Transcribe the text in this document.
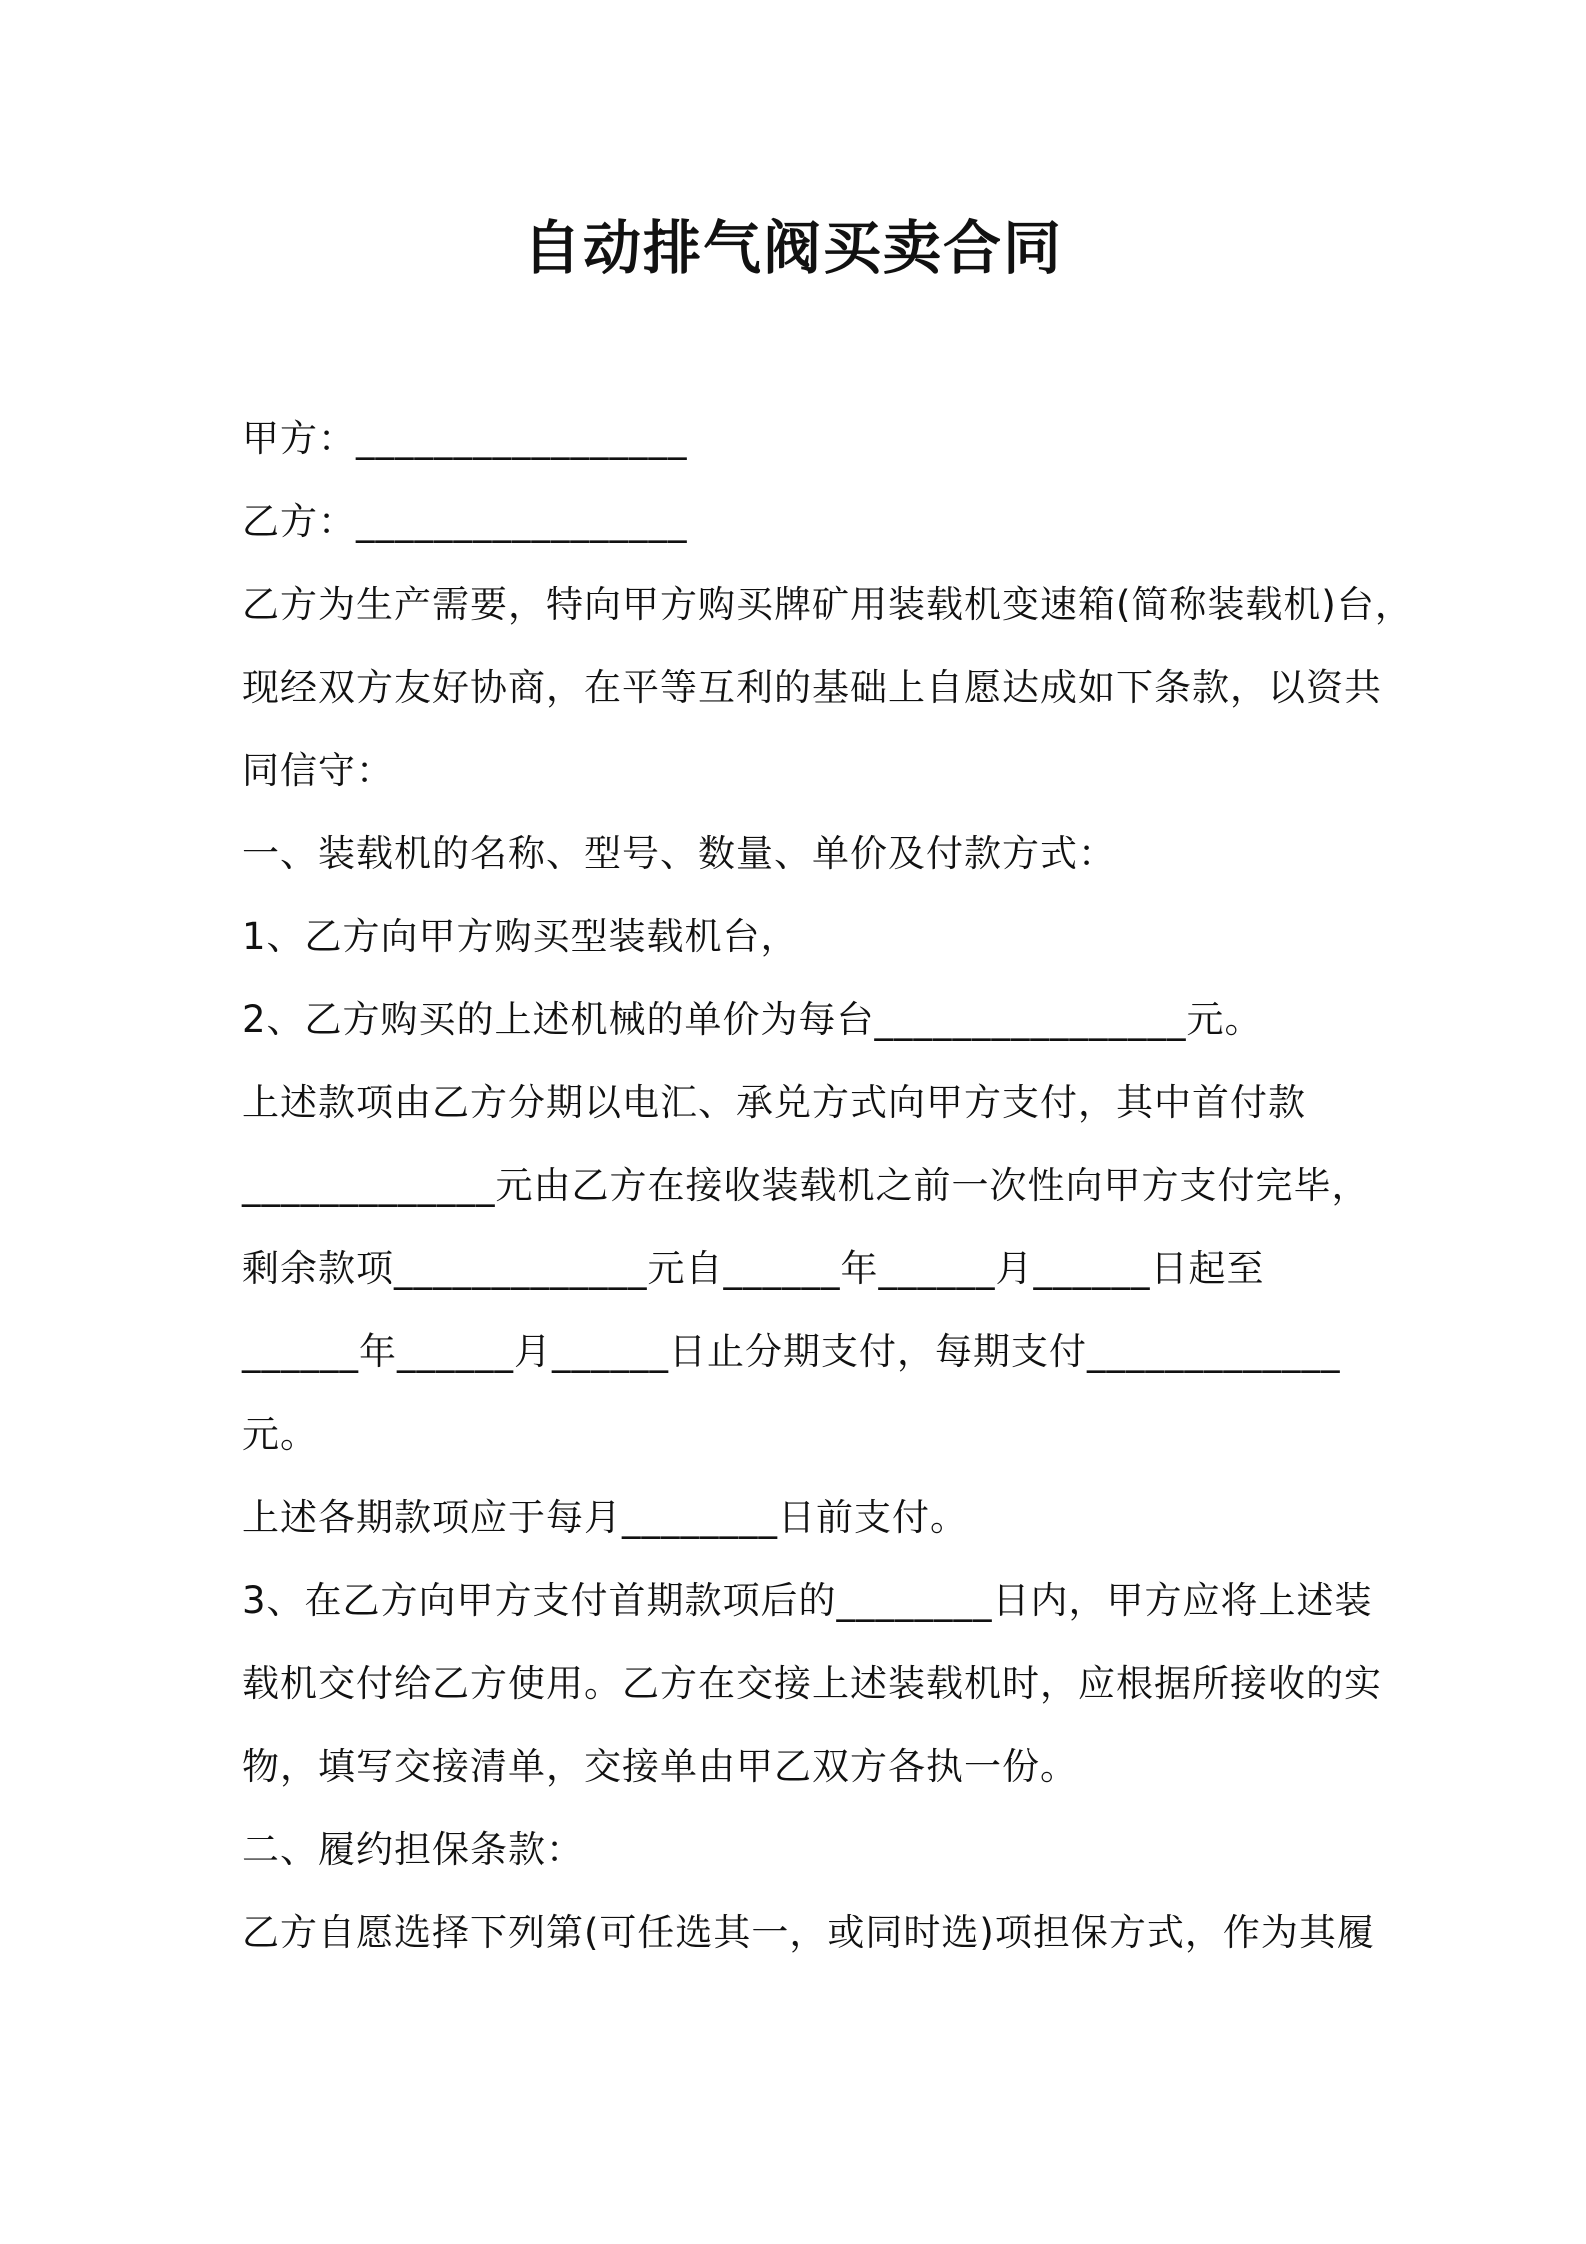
自动排气阀买卖合同
甲方：_________________
乙方：_________________
乙方为生产需要，特向甲方购买牌矿用装载机变速箱(简称装载机)台，
现经双方友好协商，在平等互利的基础上自愿达成如下条款，以资共
同信守：
一、装载机的名称、型号、数量、单价及付款方式：
1、乙方向甲方购买型装载机台，
2、乙方购买的上述机械的单价为每台________________元。
上述款项由乙方分期以电汇、承兑方式向甲方支付，其中首付款
_____________元由乙方在接收装载机之前一次性向甲方支付完毕，
剩余款项_____________元自______年______月______日起至
______年______月______日止分期支付，每期支付_____________
元。
上述各期款项应于每月________日前支付。
3、在乙方向甲方支付首期款项后的________日内，甲方应将上述装
载机交付给乙方使用。乙方在交接上述装载机时，应根据所接收的实
物，填写交接清单，交接单由甲乙双方各执一份。
二、履约担保条款：
乙方自愿选择下列第(可任选其一，或同时选)项担保方式，作为其履
